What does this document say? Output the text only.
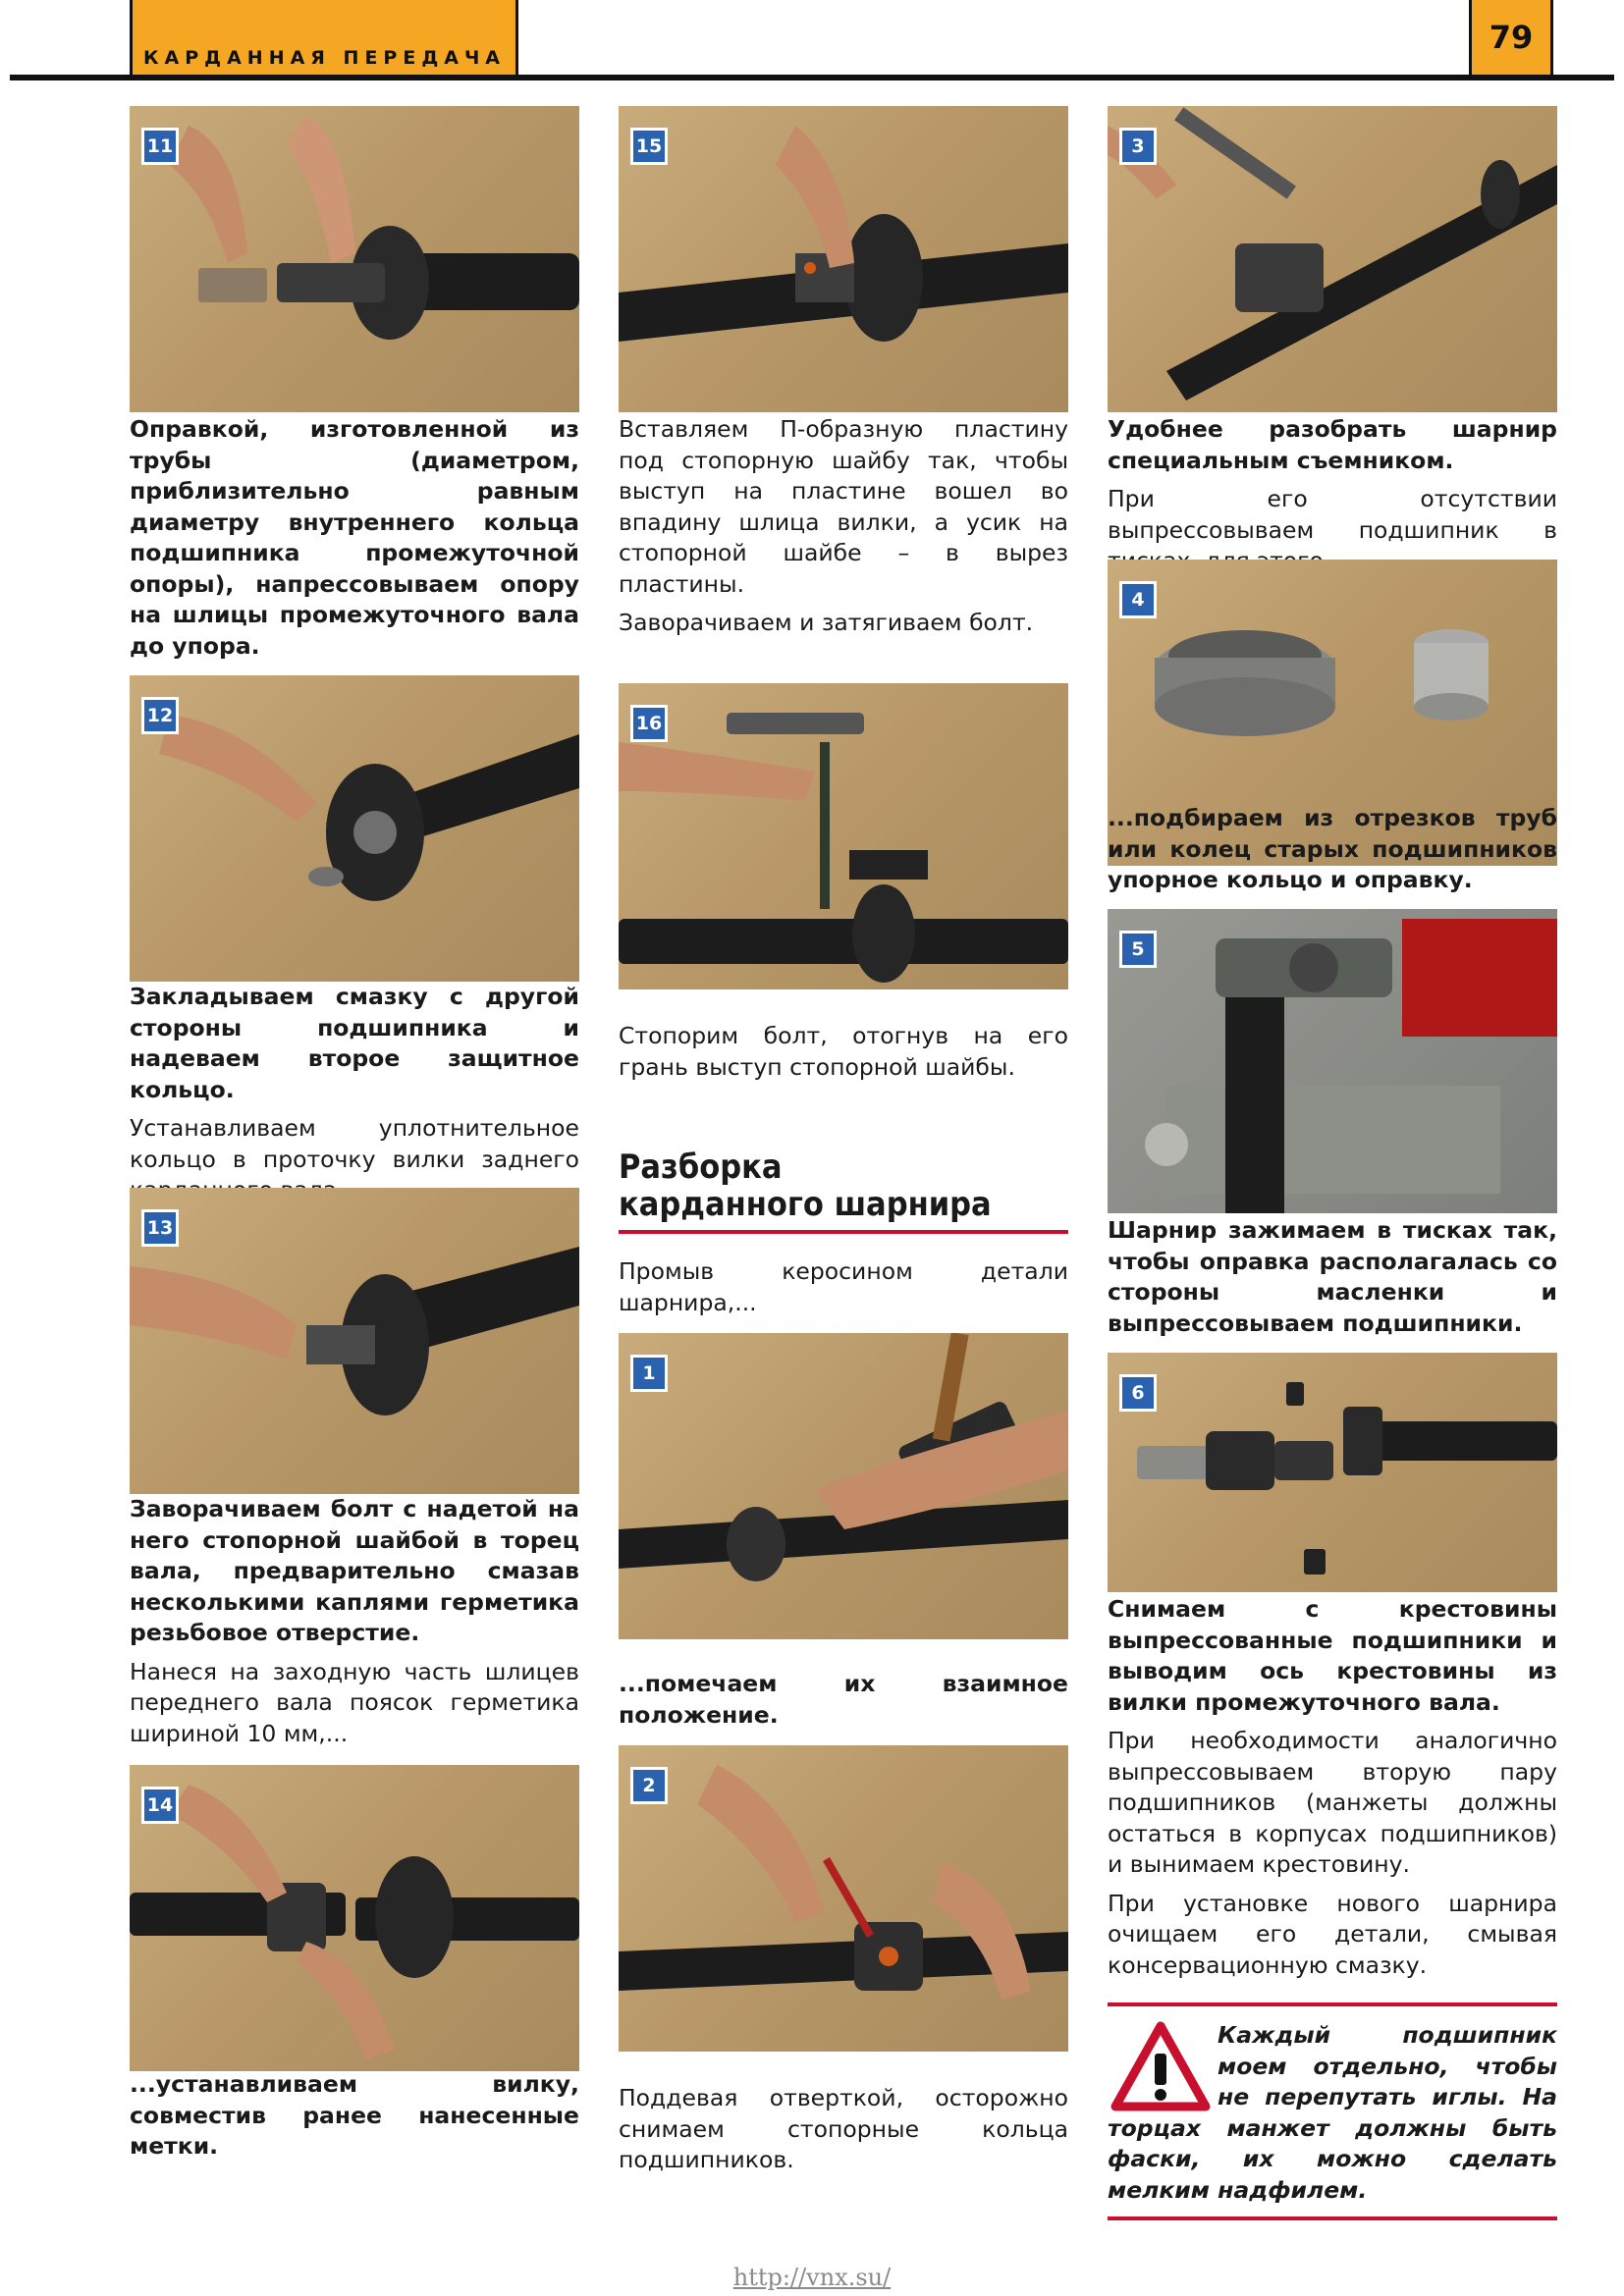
КАРДАННАЯ ПЕРЕДАЧА
79
11

Оправкой, изготовленной из трубы (диаметром, приблизительно равным диаметру внутреннего кольца подшипника промежуточной опоры), напрессовываем опору на шлицы промежуточного вала до упора.

12

Закладываем смазку с другой стороны подшипника и надеваем второе защитное кольцо.

Устанавливаем уплотнительное кольцо в проточку вилки заднего

13

Заворачиваем болт с надетой на него стопорной шайбой в торец вала, предварительно смазав несколькими каплями герметика резьбовое отверстие.

Нанеся на заходную часть шлицев переднего вала поясок герметика шириной 10 мм,...

14

...устанавливаем вилку, совместив ранее нанесенные метки.

15

Вставляем П-образную пластину под стопорную шайбу так, чтобы выступ на пластине вошел во впадину шлица вилки, а усик на стопорной шайбе – в вырез пластины.

Заворачиваем и затягиваем болт.

16

Стопорим болт, отогнув на его грань выступ стопорной шайбы.

Разборка
карданного шарнира

Промыв керосином детали шарнира,...

1

...помечаем их взаимное положение.

2

Поддевая отверткой, осторожно снимаем стопорные кольца подшипников.

3

Удобнее разобрать шарнир специальным съемником.

При его отсутствии выпрессовываем подшипник в

4

...подбираем из отрезков труб или колец старых подшипников упорное кольцо и оправку.

5

Шарнир зажимаем в тисках так, чтобы оправка располагалась со стороны масленки и выпрессовываем подшипники.

6

Снимаем с крестовины выпрессованные подшипники и выводим ось крестовины из вилки промежуточного вала.

При необходимости аналогично выпрессовываем вторую пару подшипников (манжеты должны остаться в корпусах подшипников) и вынимаем крестовину.

При установке нового шарнира очищаем его детали, смывая консервационную смазку.

Каждый подшипник моем отдельно, чтобы не перепутать иглы. На торцах манжет должны быть фаски, их можно сделать мелким надфилем.
http://vnx.su/
